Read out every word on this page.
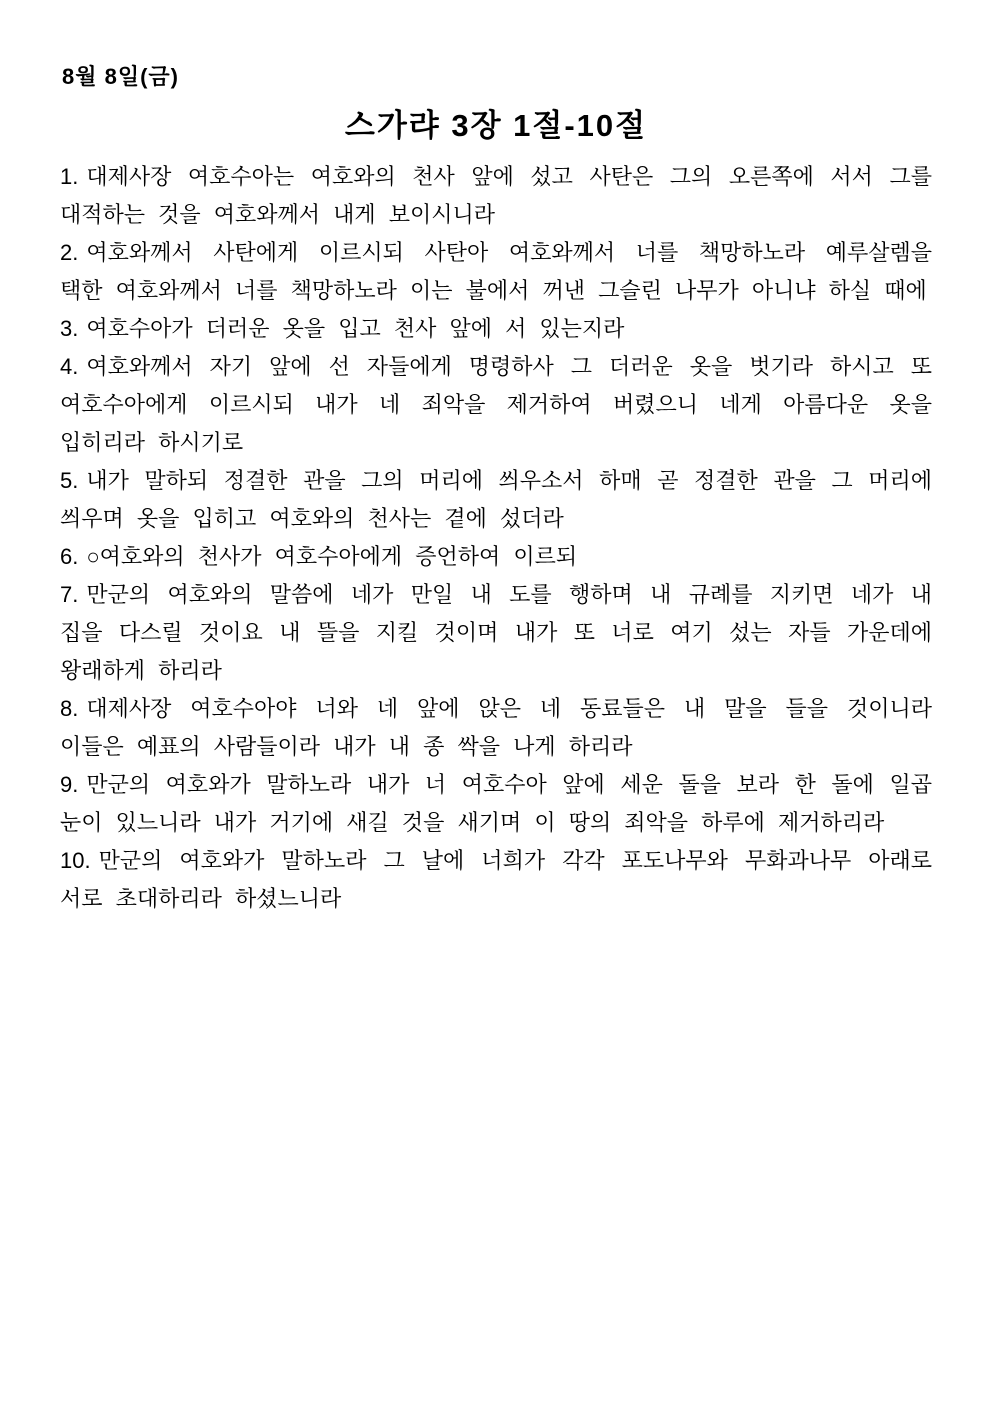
8월 8일(금)

스가랴 3장 1절-10절

1. 대제사장 여호수아는 여호와의 천사 앞에 섰고 사탄은 그의 오른쪽에 서서 그를 대적하는 것을 여호와께서 내게 보이시니라

2. 여호와께서 사탄에게 이르시되 사탄아 여호와께서 너를 책망하노라 예루살렘을 택한 여호와께서 너를 책망하노라 이는 불에서 꺼낸 그슬린 나무가 아니냐 하실 때에

3. 여호수아가 더러운 옷을 입고 천사 앞에 서 있는지라

4. 여호와께서 자기 앞에 선 자들에게 명령하사 그 더러운 옷을 벗기라 하시고 또 여호수아에게 이르시되 내가 네 죄악을 제거하여 버렸으니 네게 아름다운 옷을 입히리라 하시기로

5. 내가 말하되 정결한 관을 그의 머리에 씌우소서 하매 곧 정결한 관을 그 머리에 씌우며 옷을 입히고 여호와의 천사는 곁에 섰더라

6. ○여호와의 천사가 여호수아에게 증언하여 이르되

7. 만군의 여호와의 말씀에 네가 만일 내 도를 행하며 내 규례를 지키면 네가 내 집을 다스릴 것이요 내 뜰을 지킬 것이며 내가 또 너로 여기 섰는 자들 가운데에 왕래하게 하리라

8. 대제사장 여호수아야 너와 네 앞에 앉은 네 동료들은 내 말을 들을 것이니라 이들은 예표의 사람들이라 내가 내 종 싹을 나게 하리라

9. 만군의 여호와가 말하노라 내가 너 여호수아 앞에 세운 돌을 보라 한 돌에 일곱 눈이 있느니라 내가 거기에 새길 것을 새기며 이 땅의 죄악을 하루에 제거하리라

10. 만군의 여호와가 말하노라 그 날에 너희가 각각 포도나무와 무화과나무 아래로 서로 초대하리라 하셨느니라
